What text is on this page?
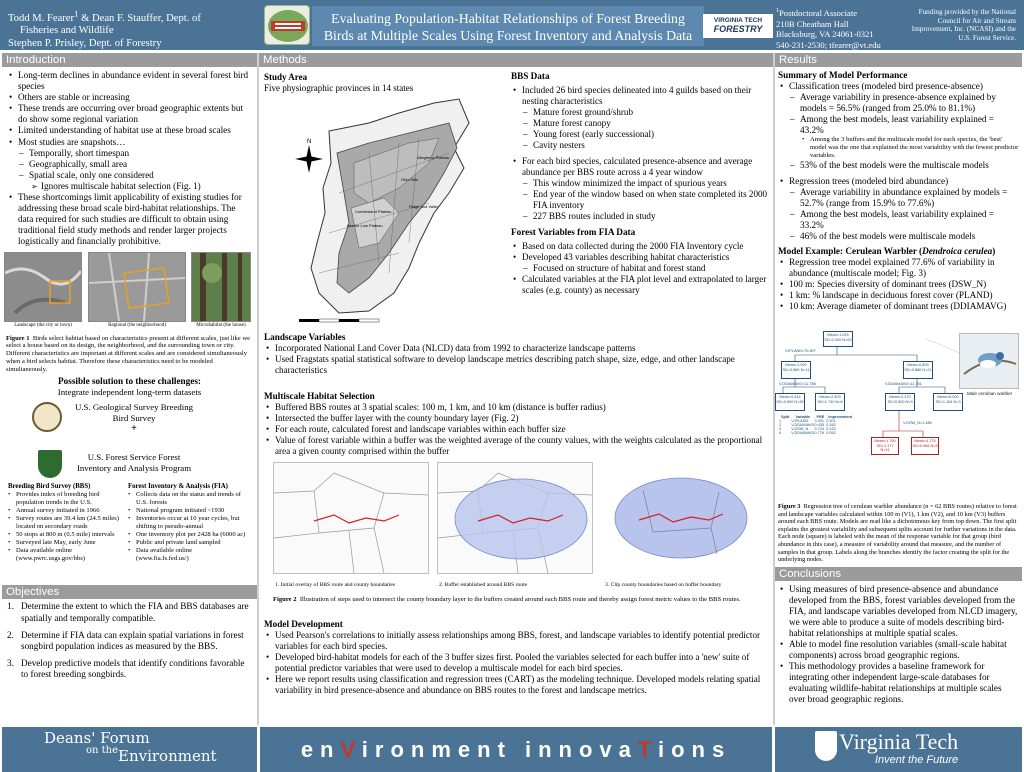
Todd M. Fearer$^1$ & Dean F. Stauffer, Dept. of
Fisheries and Wildlife
Stephen P. Prisley, Dept. of Forestry
Evaluating Population-Habitat Relationships of Forest Breeding
Birds at Multiple Scales Using Forest Inventory and Analysis Data
VIRGINIA TECH
FORESTRY
$^1$Postdoctoral Associate
210B Cheatham Hall
Blacksburg, VA 24061-0321
540-231-2530; tfearer@vt.edu
Funding provided by the National Council for Air and Stream Improvement, Inc. (NCASI) and the U.S. Forest Service.
Introduction
• Long-term declines in abundance evident in several forest bird species
• Others are stable or increasing
• These trends are occurring over broad geographic extents but do show some regional variation
• Limited understanding of habitat use at these broad scales
• Most studies are snapshots…
– Temporally, short timespan
– Geographically, small area
– Spatial scale, only one considered
➢ Ignores multiscale habitat selection (Fig. 1)
• These shortcomings limit applicability of existing studies for addressing these broad scale bird-habitat relationships. The data required for such studies are difficult to obtain using traditional field study methods and render larger projects logistically and financially prohibitive.
Landscape (the city or town)	Regional (the neighborhood)	Microhabitat (the house)
Figure 1 Birds select habitat based on characteristics present at different scales, just like we select a house based on its design, the neighborhood, and the surrounding town or city. Different characteristics are important at different scales and are considered simultaneously when a bird selects habitat. Therefore these characteristics need to be modeled simultaneously.
Possible solution to these challenges:
Integrate independent long-term datasets
U.S. Geological Survey Breeding
Bird Survey
+
U.S. Forest Service Forest
Inventory and Analysis Program
Breeding Bird Survey (BBS)
• Provides index of breeding bird population trends in the U.S.
• Annual survey initiated in 1966
• Survey routes are 39.4 km (24.5 miles) located on secondary roads
• 50 stops at 800 m (0.5 mile) intervals
• Surveyed late May, early June
• Data available online
(www.pwrc.usgs.gov/bbs)
Forest Inventory & Analysis (FIA)
• Collects data on the status and trends of U.S. forests
• National program initiated ~1930
• Inventories occur at 10 year cycles, but shifting to pseudo-annual
• One inventory plot per 2428 ha (6000 ac)
• Public and private land sampled
• Data available online
(www.fia.fs.fed.us/)
Objectives
1. Determine the extent to which the FIA and BBS databases are spatially and temporally compatible.
2. Determine if FIA data can explain spatial variations in forest songbird population indices as measured by the BBS.
3. Develop predictive models that identify conditions favorable to forest breeding songbirds.
Methods
Study Area
Five physiographic provinces in 14 states
N
Allegheny Plateau
Ohio Hills
Cumberland Plateau
Interior Low Plateau
Ridge and Valley
BBS Data
• Included 26 bird species delineated into 4 guilds based on their nesting characteristics
– Mature forest ground/shrub
– Mature forest canopy
– Young forest (early successional)
– Cavity nesters
• For each bird species, calculated presence-absence and average abundance per BBS route across a 4 year window
– This window minimized the impact of spurious years
– End year of the window based on when state completed its 2000 FIA inventory
– 227 BBS routes included in study
Forest Variables from FIA Data
• Based on data collected during the 2000 FIA Inventory cycle
• Developed 43 variables describing habitat characteristics
– Focused on structure of habitat and forest stand
• Calculated variables at the FIA plot level and extrapolated to larger scales (e.g. county) as necessary
Landscape Variables
• Incorporated National Land Cover Data (NLCD) data from 1992 to characterize landscape patterns
• Used Fragstats spatial statistical software to develop landscape metrics describing patch shape, size, edge, and other landscape characteristics
Multiscale Habitat Selection
• Buffered BBS routes at 3 spatial scales: 100 m, 1 km, and 10 km (distance is buffer radius)
• Intersected the buffer layer with the county boundary layer (Fig. 2)
• For each route, calculated forest and landscape variables within each buffer size
• Value of forest variable within a buffer was the weighted average of the county values, with the weights calculated as the proportional area a given county comprised within the buffer
1. Initial overlay of BBS route and county boundaries	2. Buffer established around BBS route	3. Clip county boundaries based on buffer boundary
Figure 2 Illustration of steps used to intersect the county boundary layer to the buffers created around each BBS route and thereby assign forest metric values to the BBS routes.
Model Development
• Used Pearson's correlations to initially assess relationships among BBS, forest, and landscape variables to identify potential predictor variables for each bird species.
• Developed bird-habitat models for each of the 3 buffer sizes first. Pooled the variables selected for each buffer into a 'new' suite of potential predictor variables that were used to develop a multiscale model for each bird species.
• Here we report results using classification and regression trees (CART) as the modeling technique. Developed models relating spatial variability in bird presence-absence and abundance on BBS routes to the forest and landscape metrics.
Results
Summary of Model Performance
• Classification trees (modeled bird presence-absence)
– Average variability in presence-absence explained by models = 56.5% (ranged from 25.0% to 81.1%)
– Among the best models, least variability explained = 43.2%
• Among the 3 buffers and the multiscale model for each species, the 'best' model was the one that explained the most variability with the fewest predictor variables.
– 53% of the best models were the multiscale models
• Regression trees (modeled bird abundance)
– Average variability in abundance explained by models = 52.7% (range from 15.9% to 77.6%)
– Among the best models, least variability explained = 33.2%
– 46% of the best models were multiscale models
Model Example: Cerulean Warbler (Dendroica cerulea)
• Regression tree model explained 77.6% of variability in abundance (multiscale model; Fig. 3)
• 100 m: Species diversity of dominant trees (DSW_N)
• 1 km: % landscape in deciduous forest cover (PLAND)
• 10 km: Average diameter of dominant trees (DDIAMAVG)
Mean=1.025 SD=2.000 N=62
V.IPLAND<70.807
Mean=1.090 SD=0.860 N=11
Mean=0.809 SD=0.880 N=21
V.DDIAMAVG<11.788	V.DDIAMAVG<11.751
Mean=0.414 SD=0.500 N=35
Mean=2.403 SD=1.740 N=6
Mean=2.470 SD=0.500 N=9
Mean=6.000 SD=1.154 N=3
V.DSW_N<1.485
Mean=1.790 SD=1.177 N=11
Mean=4.775 SD=0.966 N=5
Male cerulean warbler
Split	Variable	PRE	Improvement
1	V.IPLAND	0.301	0.301
2	V.DDIAMAVG	0.435	0.262
3	V.DSW_N	0.724	0.120
4	V.DDIAMAVG	0.776	0.052
Figure 3 Regression tree of cerulean warbler abundance (n = 62 BBS routes) relative to forest and landscape variables calculated within 100 m (V1), 1 km (V2), and 10 km (V3) buffers around each BBS route. Models are read like a dichotomous key from top down. The first split explains the greatest variability and subsequent splits account for further variations in the data. Each node (square) is labeled with the mean of the response variable for that group (bird abundance in this case), a measure of variability around that measure, and the number of samples in that group. Labels along the branches identify the factor creating the split for the underlying nodes.
Conclusions
• Using measures of bird presence-absence and abundance developed from the BBS, forest variables developed from the FIA, and landscape variables developed from NLCD imagery, we were able to produce a suite of models describing bird-habitat relationships at multiple spatial scales.
• Able to model fine resolution variables (small-scale habitat components) across broad geographic regions.
• This methodology provides a baseline framework for integrating other independent large-scale databases for evaluating wildlife-habitat relationships at multiple scales over broad geographic regions.
Deans' Forum
on the Environment	enVironment innovaTions	Virginia Tech
Invent the Future
